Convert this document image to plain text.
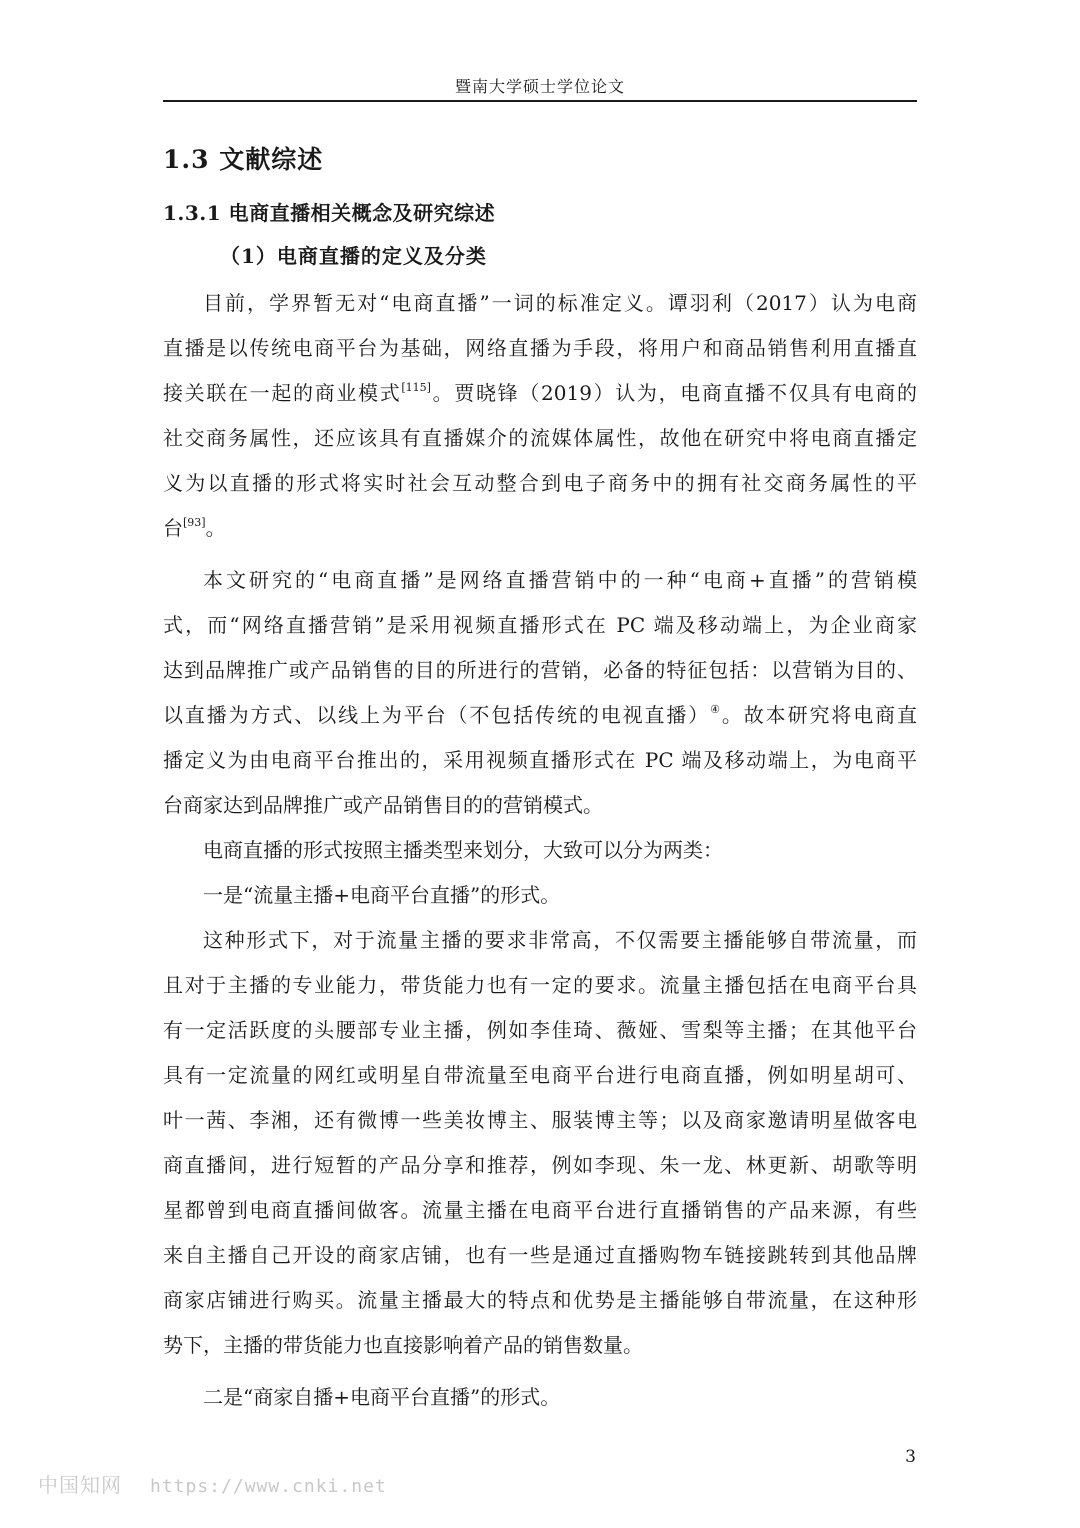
暨南大学硕士学位论文
1.3 文献综述
1.3.1 电商直播相关概念及研究综述
（1）电商直播的定义及分类
目前，学界暂无对“电商直播”一词的标准定义。谭羽利（2017）认为电商
直播是以传统电商平台为基础，网络直播为手段，将用户和商品销售利用直播直
接关联在一起的商业模式[115]。贾晓锋（2019）认为，电商直播不仅具有电商的
社交商务属性，还应该具有直播媒介的流媒体属性，故他在研究中将电商直播定
义为以直播的形式将实时社会互动整合到电子商务中的拥有社交商务属性的平
台[93]。
本文研究的“电商直播”是网络直播营销中的一种“电商+直播”的营销模
式，而“网络直播营销”是采用视频直播形式在 PC 端及移动端上，为企业商家
达到品牌推广或产品销售的目的所进行的营销，必备的特征包括：以营销为目的、
以直播为方式、以线上为平台（不包括传统的电视直播）④。故本研究将电商直
播定义为由电商平台推出的，采用视频直播形式在 PC 端及移动端上，为电商平
台商家达到品牌推广或产品销售目的的营销模式。
电商直播的形式按照主播类型来划分，大致可以分为两类：
一是“流量主播+电商平台直播”的形式。
这种形式下，对于流量主播的要求非常高，不仅需要主播能够自带流量，而
且对于主播的专业能力，带货能力也有一定的要求。流量主播包括在电商平台具
有一定活跃度的头腰部专业主播，例如李佳琦、薇娅、雪梨等主播；在其他平台
具有一定流量的网红或明星自带流量至电商平台进行电商直播，例如明星胡可、
叶一茜、李湘，还有微博一些美妆博主、服装博主等；以及商家邀请明星做客电
商直播间，进行短暂的产品分享和推荐，例如李现、朱一龙、林更新、胡歌等明
星都曾到电商直播间做客。流量主播在电商平台进行直播销售的产品来源，有些
来自主播自己开设的商家店铺，也有一些是通过直播购物车链接跳转到其他品牌
商家店铺进行购买。流量主播最大的特点和优势是主播能够自带流量，在这种形
势下，主播的带货能力也直接影响着产品的销售数量。
二是“商家自播+电商平台直播”的形式。
3
中国知网 https://www.cnki.net
